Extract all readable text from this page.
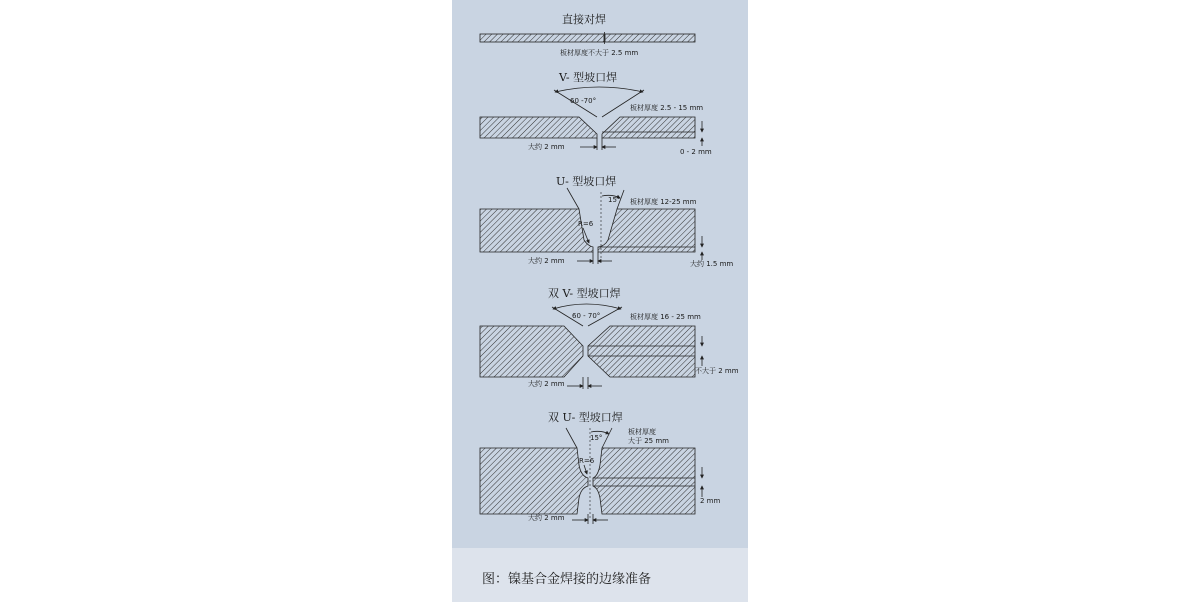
图：镍基合金焊接的边缘准备
直接对焊
板材厚度不大于 2.5 mm
V- 型坡口焊
60 -70°
板材厚度 2.5 - 15 mm
大约 2 mm
0 - 2 mm
U- 型坡口焊
15°
R=6
板材厚度 12-25 mm
大约 2 mm	大约 1.5 mm
双 V- 型坡口焊
60 - 70°	板材厚度 16 - 25 mm
大约 2 mm
不大于 2 mm
双 U- 型坡口焊
15°
R=6
板材厚度
大于 25 mm
大约 2 mm
2 mm
